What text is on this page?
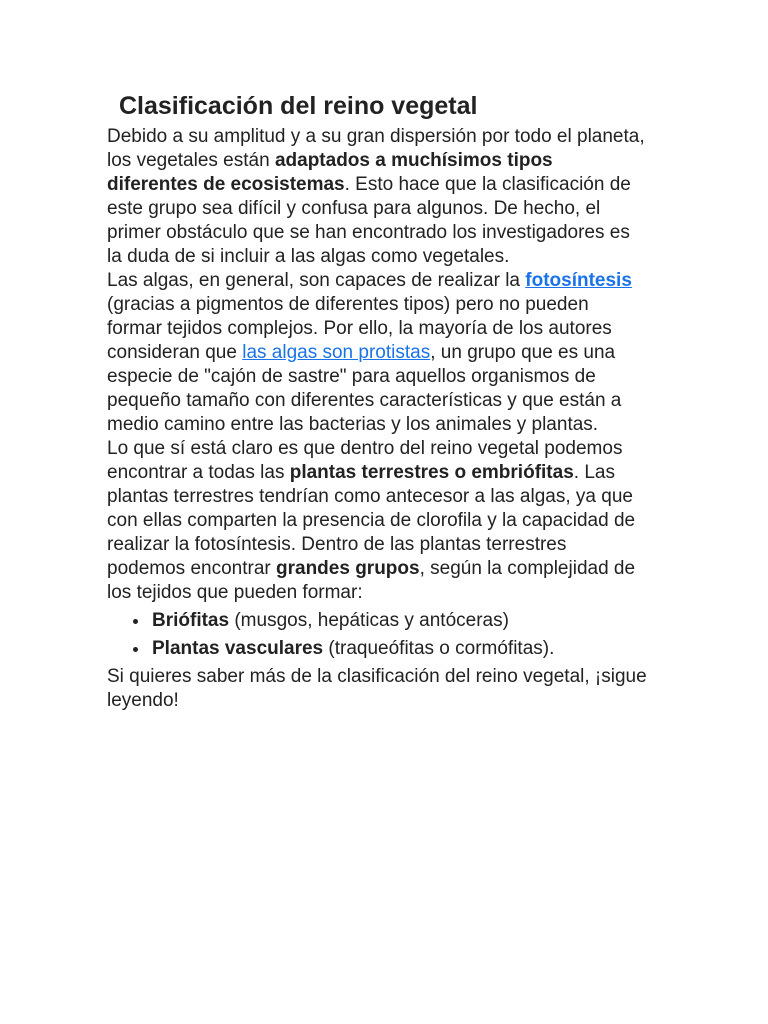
Clasificación del reino vegetal

Debido a su amplitud y a su gran dispersión por todo el planeta, los vegetales están adaptados a muchísimos tipos diferentes de ecosistemas. Esto hace que la clasificación de este grupo sea difícil y confusa para algunos. De hecho, el primer obstáculo que se han encontrado los investigadores es la duda de si incluir a las algas como vegetales.

Las algas, en general, son capaces de realizar la fotosíntesis (gracias a pigmentos de diferentes tipos) pero no pueden formar tejidos complejos. Por ello, la mayoría de los autores consideran que las algas son protistas, un grupo que es una especie de "cajón de sastre" para aquellos organismos de pequeño tamaño con diferentes características y que están a medio camino entre las bacterias y los animales y plantas.

Lo que sí está claro es que dentro del reino vegetal podemos encontrar a todas las plantas terrestres o embriófitas. Las plantas terrestres tendrían como antecesor a las algas, ya que con ellas comparten la presencia de clorofila y la capacidad de realizar la fotosíntesis. Dentro de las plantas terrestres podemos encontrar grandes grupos, según la complejidad de los tejidos que pueden formar:

Briófitas (musgos, hepáticas y antóceras)
Plantas vasculares (traqueófitas o cormófitas).

Si quieres saber más de la clasificación del reino vegetal, ¡sigue leyendo!
